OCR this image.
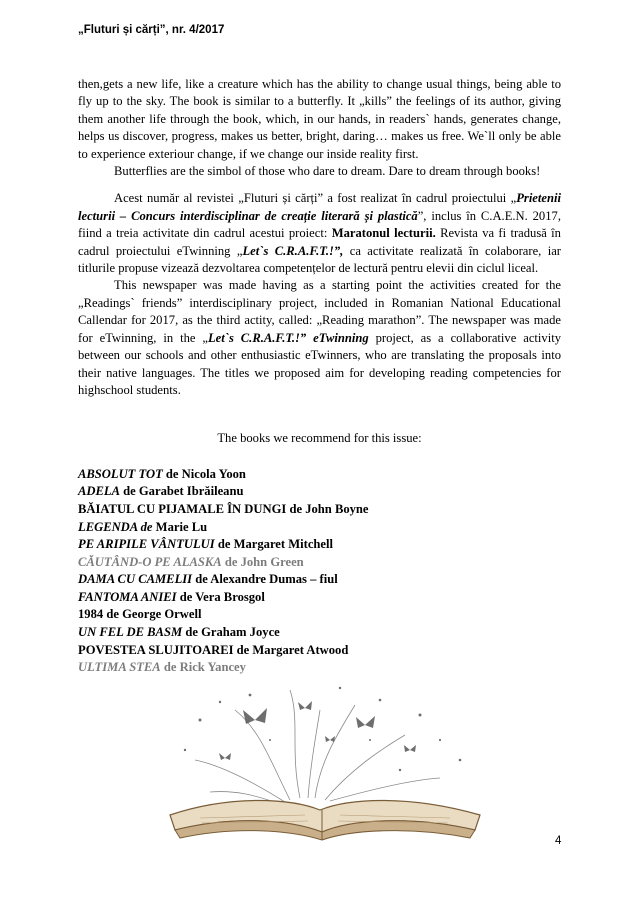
„Fluturi și cărți”, nr. 4/2017

then,gets a new life, like a creature which has the ability to change usual things, being able to fly up to the sky. The book is similar to a butterfly. It „kills” the feelings of its author, giving them another life through the book, which, in our hands, in readers` hands, generates change, helps us discover, progress, makes us better, bright, daring… makes us free. We`ll only be able to experience exteriour change, if we change our inside reality first.

Butterflies are the simbol of those who dare to dream. Dare to dream through books!

Acest număr al revistei „Fluturi și cărți” a fost realizat în cadrul proiectului „Prietenii lecturii – Concurs interdisciplinar de creație literară și plastică”, inclus în C.A.E.N. 2017, fiind a treia activitate din cadrul acestui proiect: Maratonul lecturii. Revista va fi tradusă în cadrul proiectului eTwinning „Let`s C.R.A.F.T.!”, ca activitate realizată în colaborare, iar titlurile propuse vizează dezvoltarea competențelor de lectură pentru elevii din ciclul liceal.

This newspaper was made having as a starting point the activities created for the „Readings` friends” interdisciplinary project, included in Romanian National Educational Callendar for 2017, as the third actity, called: „Reading marathon”. The newspaper was made for eTwinning, in the „Let`s C.R.A.F.T.!” eTwinning project, as a collaborative activity between our schools and other enthusiastic eTwinners, who are translating the proposals into their native languages. The titles we proposed aim for developing reading competencies for highschool students.

The books we recommend for this issue:

ABSOLUT TOT de Nicola Yoon
ADELA de Garabet Ibrăileanu
BĂIATUL CU PIJAMALE ÎN DUNGI de John Boyne
LEGENDA de Marie Lu
PE ARIPILE VÂNTULUI de Margaret Mitchell
CĂUTÂND-O PE ALASKA de John Green
DAMA CU CAMELII de Alexandre Dumas – fiul
FANTOMA ANIEI de Vera Brosgol
1984 de George Orwell
UN FEL DE BASM de Graham Joyce
POVESTEA SLUJITOAREI de Margaret Atwood
ULTIMA STEA de Rick Yancey
4
